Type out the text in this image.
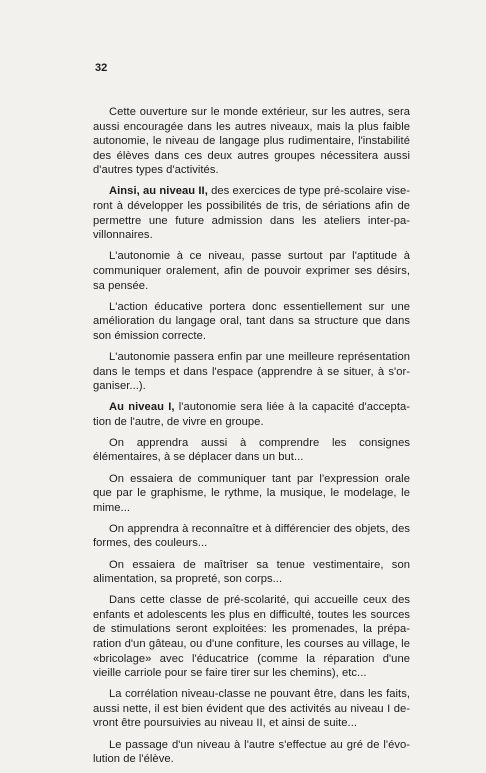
32

Cette ouverture sur le monde extérieur, sur les autres, sera aussi encouragée dans les autres niveaux, mais la plus faible autonomie, le niveau de langage plus rudimentaire, l'instabilité des élèves dans ces deux autres groupes nécessitera aussi d'autres types d'activités.

Ainsi, au niveau II, des exercices de type pré-scolaire viseront à développer les possibilités de tris, de sériations afin de permettre une future admission dans les ateliers inter-pavillonnaires.

L'autonomie à ce niveau, passe surtout par l'aptitude à communiquer oralement, afin de pouvoir exprimer ses désirs, sa pensée.

L'action éducative portera donc essentiellement sur une amélioration du langage oral, tant dans sa structure que dans son émission correcte.

L'autonomie passera enfin par une meilleure représentation dans le temps et dans l'espace (apprendre à se situer, à s'organiser...).

Au niveau I, l'autonomie sera liée à la capacité d'acceptation de l'autre, de vivre en groupe.

On apprendra aussi à comprendre les consignes élémentaires, à se déplacer dans un but...

On essaiera de communiquer tant par l'expression orale que par le graphisme, le rythme, la musique, le modelage, le mime...

On apprendra à reconnaître et à différencier des objets, des formes, des couleurs...

On essaiera de maîtriser sa tenue vestimentaire, son alimentation, sa propreté, son corps...

Dans cette classe de pré-scolarité, qui accueille ceux des enfants et adolescents les plus en difficulté, toutes les sources de stimulations seront exploitées: les promenades, la préparation d'un gâteau, ou d'une confiture, les courses au village, le «bricolage» avec l'éducatrice (comme la réparation d'une vieille carriole pour se faire tirer sur les chemins), etc...

La corrélation niveau-classe ne pouvant être, dans les faits, aussi nette, il est bien évident que des activités au niveau I devront être poursuivies au niveau II, et ainsi de suite...

Le passage d'un niveau à l'autre s'effectue au gré de l'évolution de l'élève.
